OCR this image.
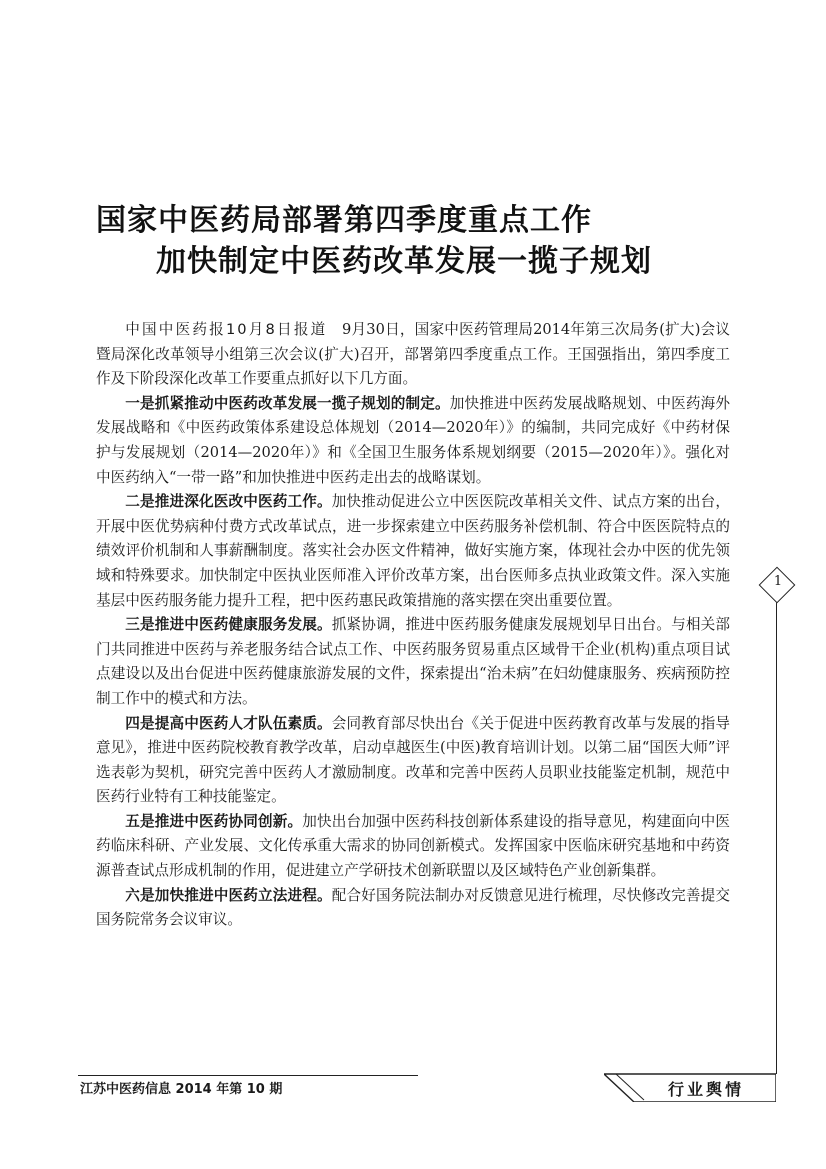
国家中医药局部署第四季度重点工作
加快制定中医药改革发展一揽子规划

中国中医药报10月8日报道 9月30日，国家中医药管理局2014年第三次局务(扩大)会议暨局深化改革领导小组第三次会议(扩大)召开，部署第四季度重点工作。王国强指出，第四季度工作及下阶段深化改革工作要重点抓好以下几方面。

一是抓紧推动中医药改革发展一揽子规划的制定。加快推进中医药发展战略规划、中医药海外发展战略和《中医药政策体系建设总体规划（2014—2020年）》的编制，共同完成好《中药材保护与发展规划（2014—2020年）》和《全国卫生服务体系规划纲要（2015—2020年）》。强化对中医药纳入“一带一路”和加快推进中医药走出去的战略谋划。

二是推进深化医改中医药工作。加快推动促进公立中医医院改革相关文件、试点方案的出台，开展中医优势病种付费方式改革试点，进一步探索建立中医药服务补偿机制、符合中医医院特点的绩效评价机制和人事薪酬制度。落实社会办医文件精神，做好实施方案，体现社会办中医的优先领域和特殊要求。加快制定中医执业医师准入评价改革方案，出台医师多点执业政策文件。深入实施基层中医药服务能力提升工程，把中医药惠民政策措施的落实摆在突出重要位置。

三是推进中医药健康服务发展。抓紧协调，推进中医药服务健康发展规划早日出台。与相关部门共同推进中医药与养老服务结合试点工作、中医药服务贸易重点区域骨干企业(机构)重点项目试点建设以及出台促进中医药健康旅游发展的文件，探索提出“治未病”在妇幼健康服务、疾病预防控制工作中的模式和方法。

四是提高中医药人才队伍素质。会同教育部尽快出台《关于促进中医药教育改革与发展的指导意见》，推进中医药院校教育教学改革，启动卓越医生(中医)教育培训计划。以第二届“国医大师”评选表彰为契机，研究完善中医药人才激励制度。改革和完善中医药人员职业技能鉴定机制，规范中医药行业特有工种技能鉴定。

五是推进中医药协同创新。加快出台加强中医药科技创新体系建设的指导意见，构建面向中医药临床科研、产业发展、文化传承重大需求的协同创新模式。发挥国家中医临床研究基地和中药资源普查试点形成机制的作用，促进建立产学研技术创新联盟以及区域特色产业创新集群。

六是加快推进中医药立法进程。配合好国务院法制办对反馈意见进行梳理，尽快修改完善提交国务院常务会议审议。

1
江苏中医药信息 2014 年第 10 期	行业舆情
